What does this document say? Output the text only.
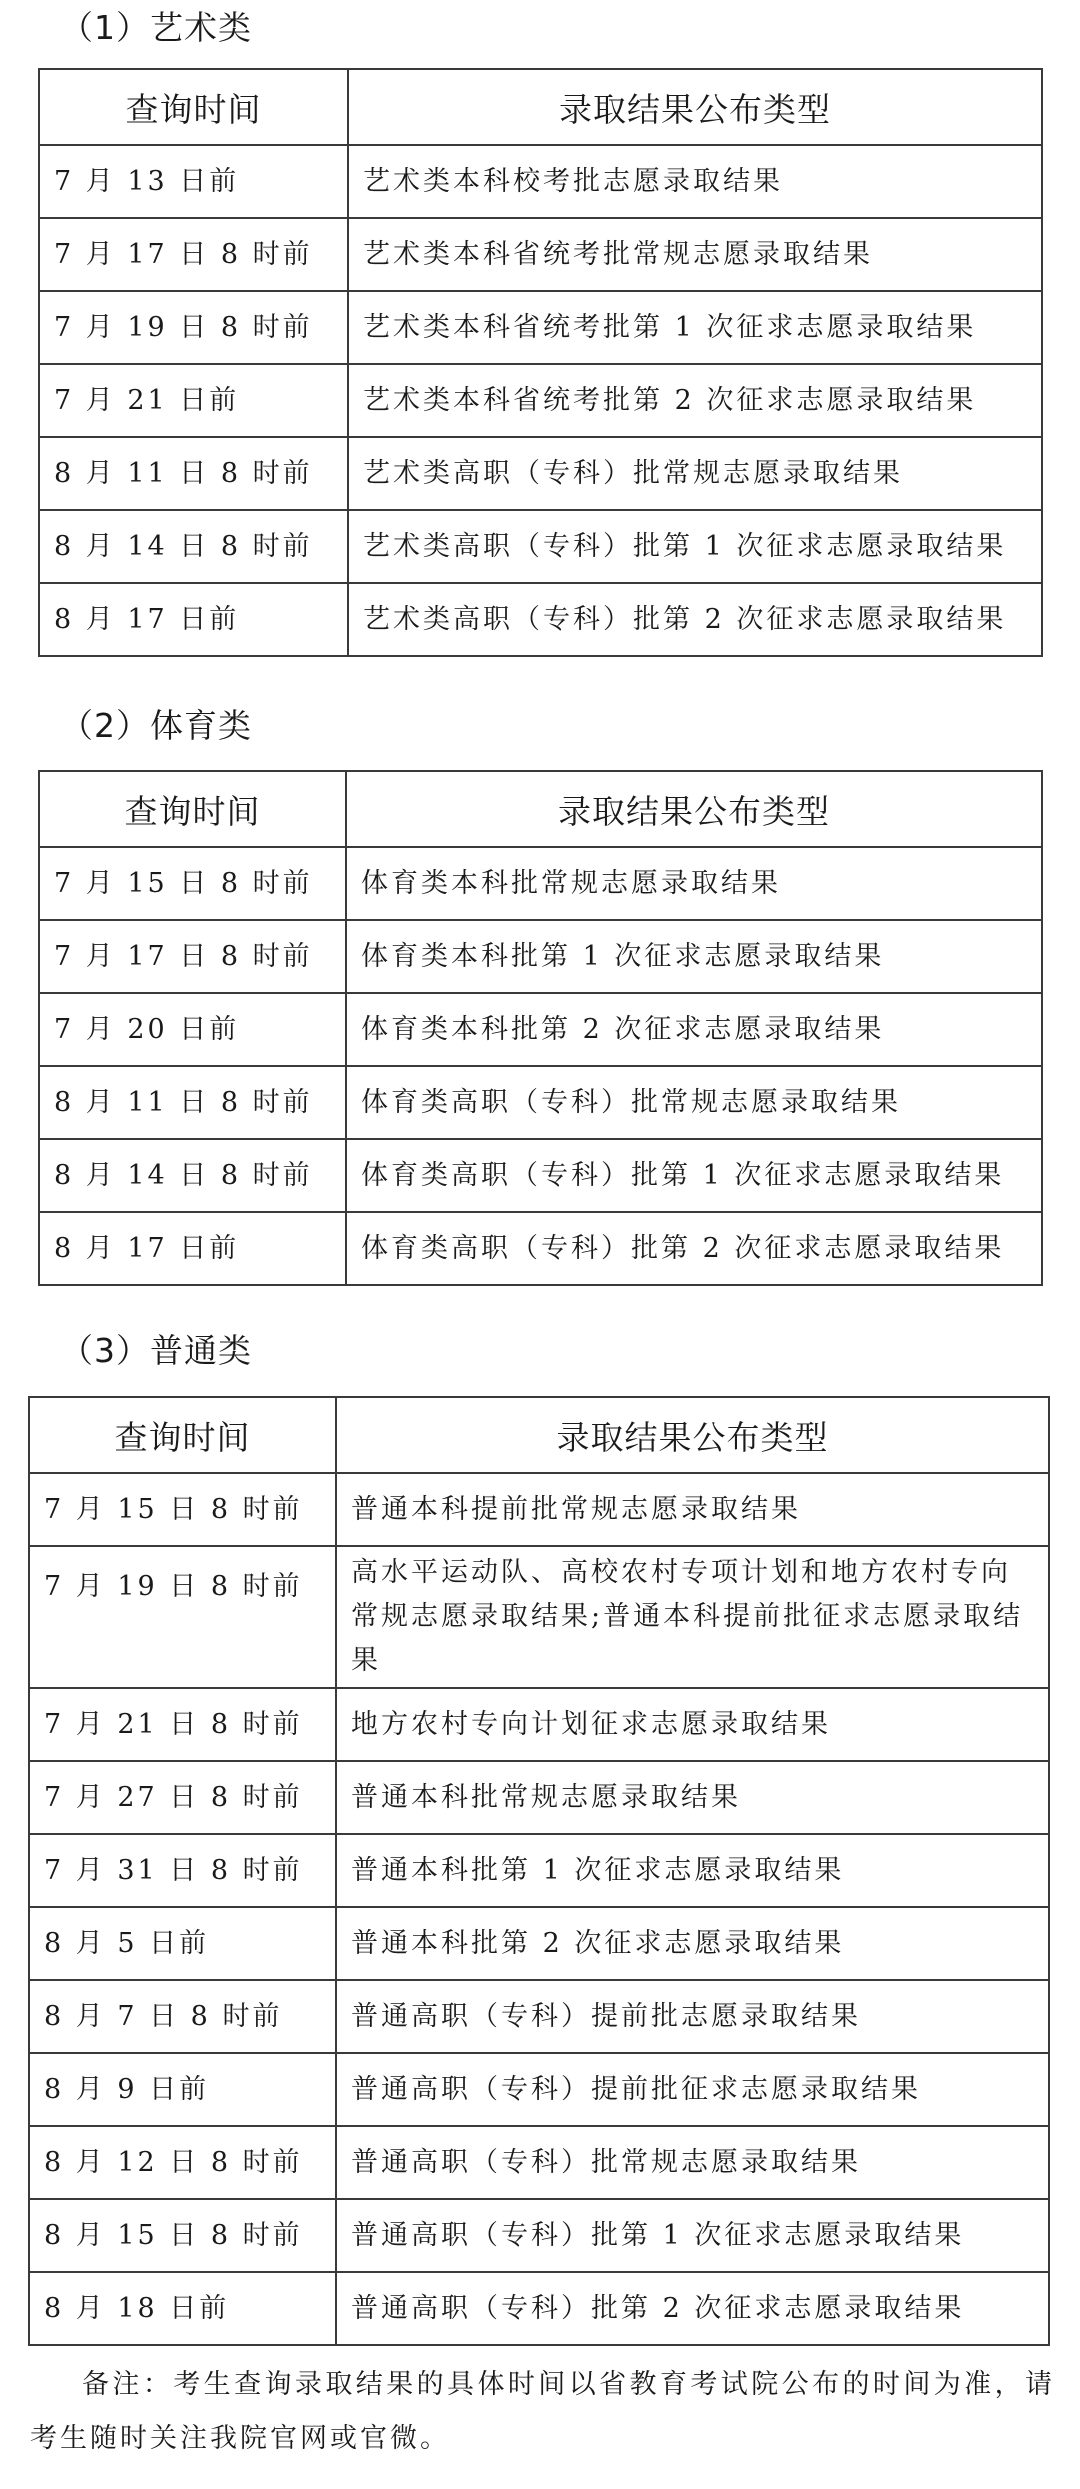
（1）艺术类
查询时间	录取结果公布类型
7 月 13 日前	艺术类本科校考批志愿录取结果
7 月 17 日 8 时前	艺术类本科省统考批常规志愿录取结果
7 月 19 日 8 时前	艺术类本科省统考批第 1 次征求志愿录取结果
7 月 21 日前	艺术类本科省统考批第 2 次征求志愿录取结果
8 月 11 日 8 时前	艺术类高职（专科）批常规志愿录取结果
8 月 14 日 8 时前	艺术类高职（专科）批第 1 次征求志愿录取结果
8 月 17 日前	艺术类高职（专科）批第 2 次征求志愿录取结果
（2）体育类
查询时间	录取结果公布类型
7 月 15 日 8 时前	体育类本科批常规志愿录取结果
7 月 17 日 8 时前	体育类本科批第 1 次征求志愿录取结果
7 月 20 日前	体育类本科批第 2 次征求志愿录取结果
8 月 11 日 8 时前	体育类高职（专科）批常规志愿录取结果
8 月 14 日 8 时前	体育类高职（专科）批第 1 次征求志愿录取结果
8 月 17 日前	体育类高职（专科）批第 2 次征求志愿录取结果
（3）普通类
查询时间	录取结果公布类型
7 月 15 日 8 时前	普通本科提前批常规志愿录取结果
7 月 19 日 8 时前	高水平运动队、高校农村专项计划和地方农村专向常规志愿录取结果;普通本科提前批征求志愿录取结果
7 月 21 日 8 时前	地方农村专向计划征求志愿录取结果
7 月 27 日 8 时前	普通本科批常规志愿录取结果
7 月 31 日 8 时前	普通本科批第 1 次征求志愿录取结果
8 月 5 日前	普通本科批第 2 次征求志愿录取结果
8 月 7 日 8 时前	普通高职（专科）提前批志愿录取结果
8 月 9 日前	普通高职（专科）提前批征求志愿录取结果
8 月 12 日 8 时前	普通高职（专科）批常规志愿录取结果
8 月 15 日 8 时前	普通高职（专科）批第 1 次征求志愿录取结果
8 月 18 日前	普通高职（专科）批第 2 次征求志愿录取结果
备注：考生查询录取结果的具体时间以省教育考试院公布的时间为准，请考生随时关注我院官网或官微。
